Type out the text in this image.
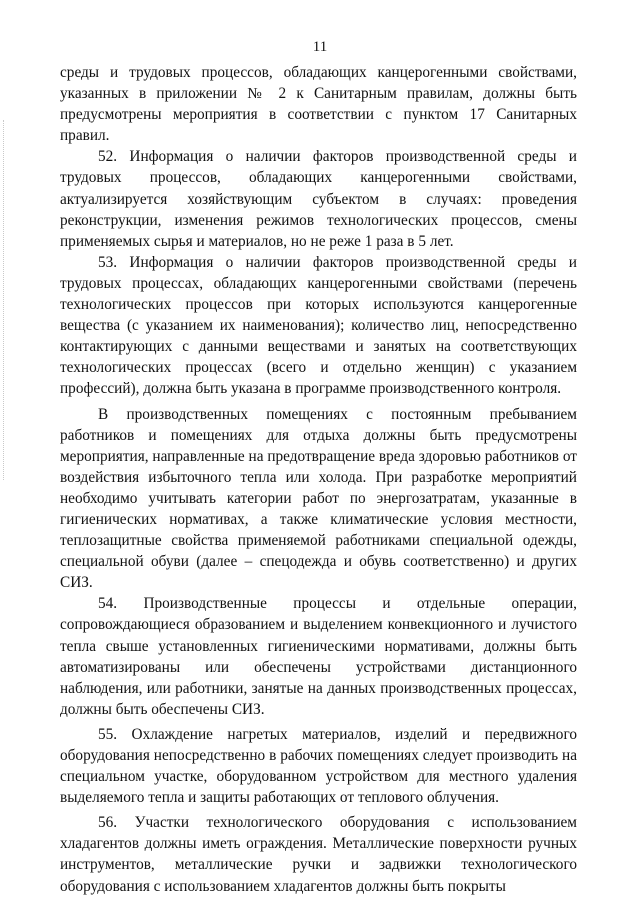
11

среды и трудовых процессов, обладающих канцерогенными свойствами, указанных в приложении № 2 к Санитарным правилам, должны быть предусмотрены мероприятия в соответствии с пунктом 17 Санитарных правил.

52. Информация о наличии факторов производственной среды и трудовых процессов, обладающих канцерогенными свойствами, актуализируется хозяйствующим субъектом в случаях: проведения реконструкции, изменения режимов технологических процессов, смены применяемых сырья и материалов, но не реже 1 раза в 5 лет.

53. Информация о наличии факторов производственной среды и трудовых процессах, обладающих канцерогенными свойствами (перечень технологических процессов при которых используются канцерогенные вещества (с указанием их наименования); количество лиц, непосредственно контактирующих с данными веществами и занятых на соответствующих технологических процессах (всего и отдельно женщин) с указанием профессий), должна быть указана в программе производственного контроля.

В производственных помещениях с постоянным пребыванием работников и помещениях для отдыха должны быть предусмотрены мероприятия, направленные на предотвращение вреда здоровью работников от воздействия избыточного тепла или холода. При разработке мероприятий необходимо учитывать категории работ по энергозатратам, указанные в гигиенических нормативах, а также климатические условия местности, теплозащитные свойства применяемой работниками специальной одежды, специальной обуви (далее – спецодежда и обувь соответственно) и других СИЗ.

54. Производственные процессы и отдельные операции, сопровождающиеся образованием и выделением конвекционного и лучистого тепла свыше установленных гигиеническими нормативами, должны быть автоматизированы или обеспечены устройствами дистанционного наблюдения, или работники, занятые на данных производственных процессах, должны быть обеспечены СИЗ.

55. Охлаждение нагретых материалов, изделий и передвижного оборудования непосредственно в рабочих помещениях следует производить на специальном участке, оборудованном устройством для местного удаления выделяемого тепла и защиты работающих от теплового облучения.

56. Участки технологического оборудования с использованием хладагентов должны иметь ограждения. Металлические поверхности ручных инструментов, металлические ручки и задвижки технологического оборудования с использованием хладагентов должны быть покрыты
